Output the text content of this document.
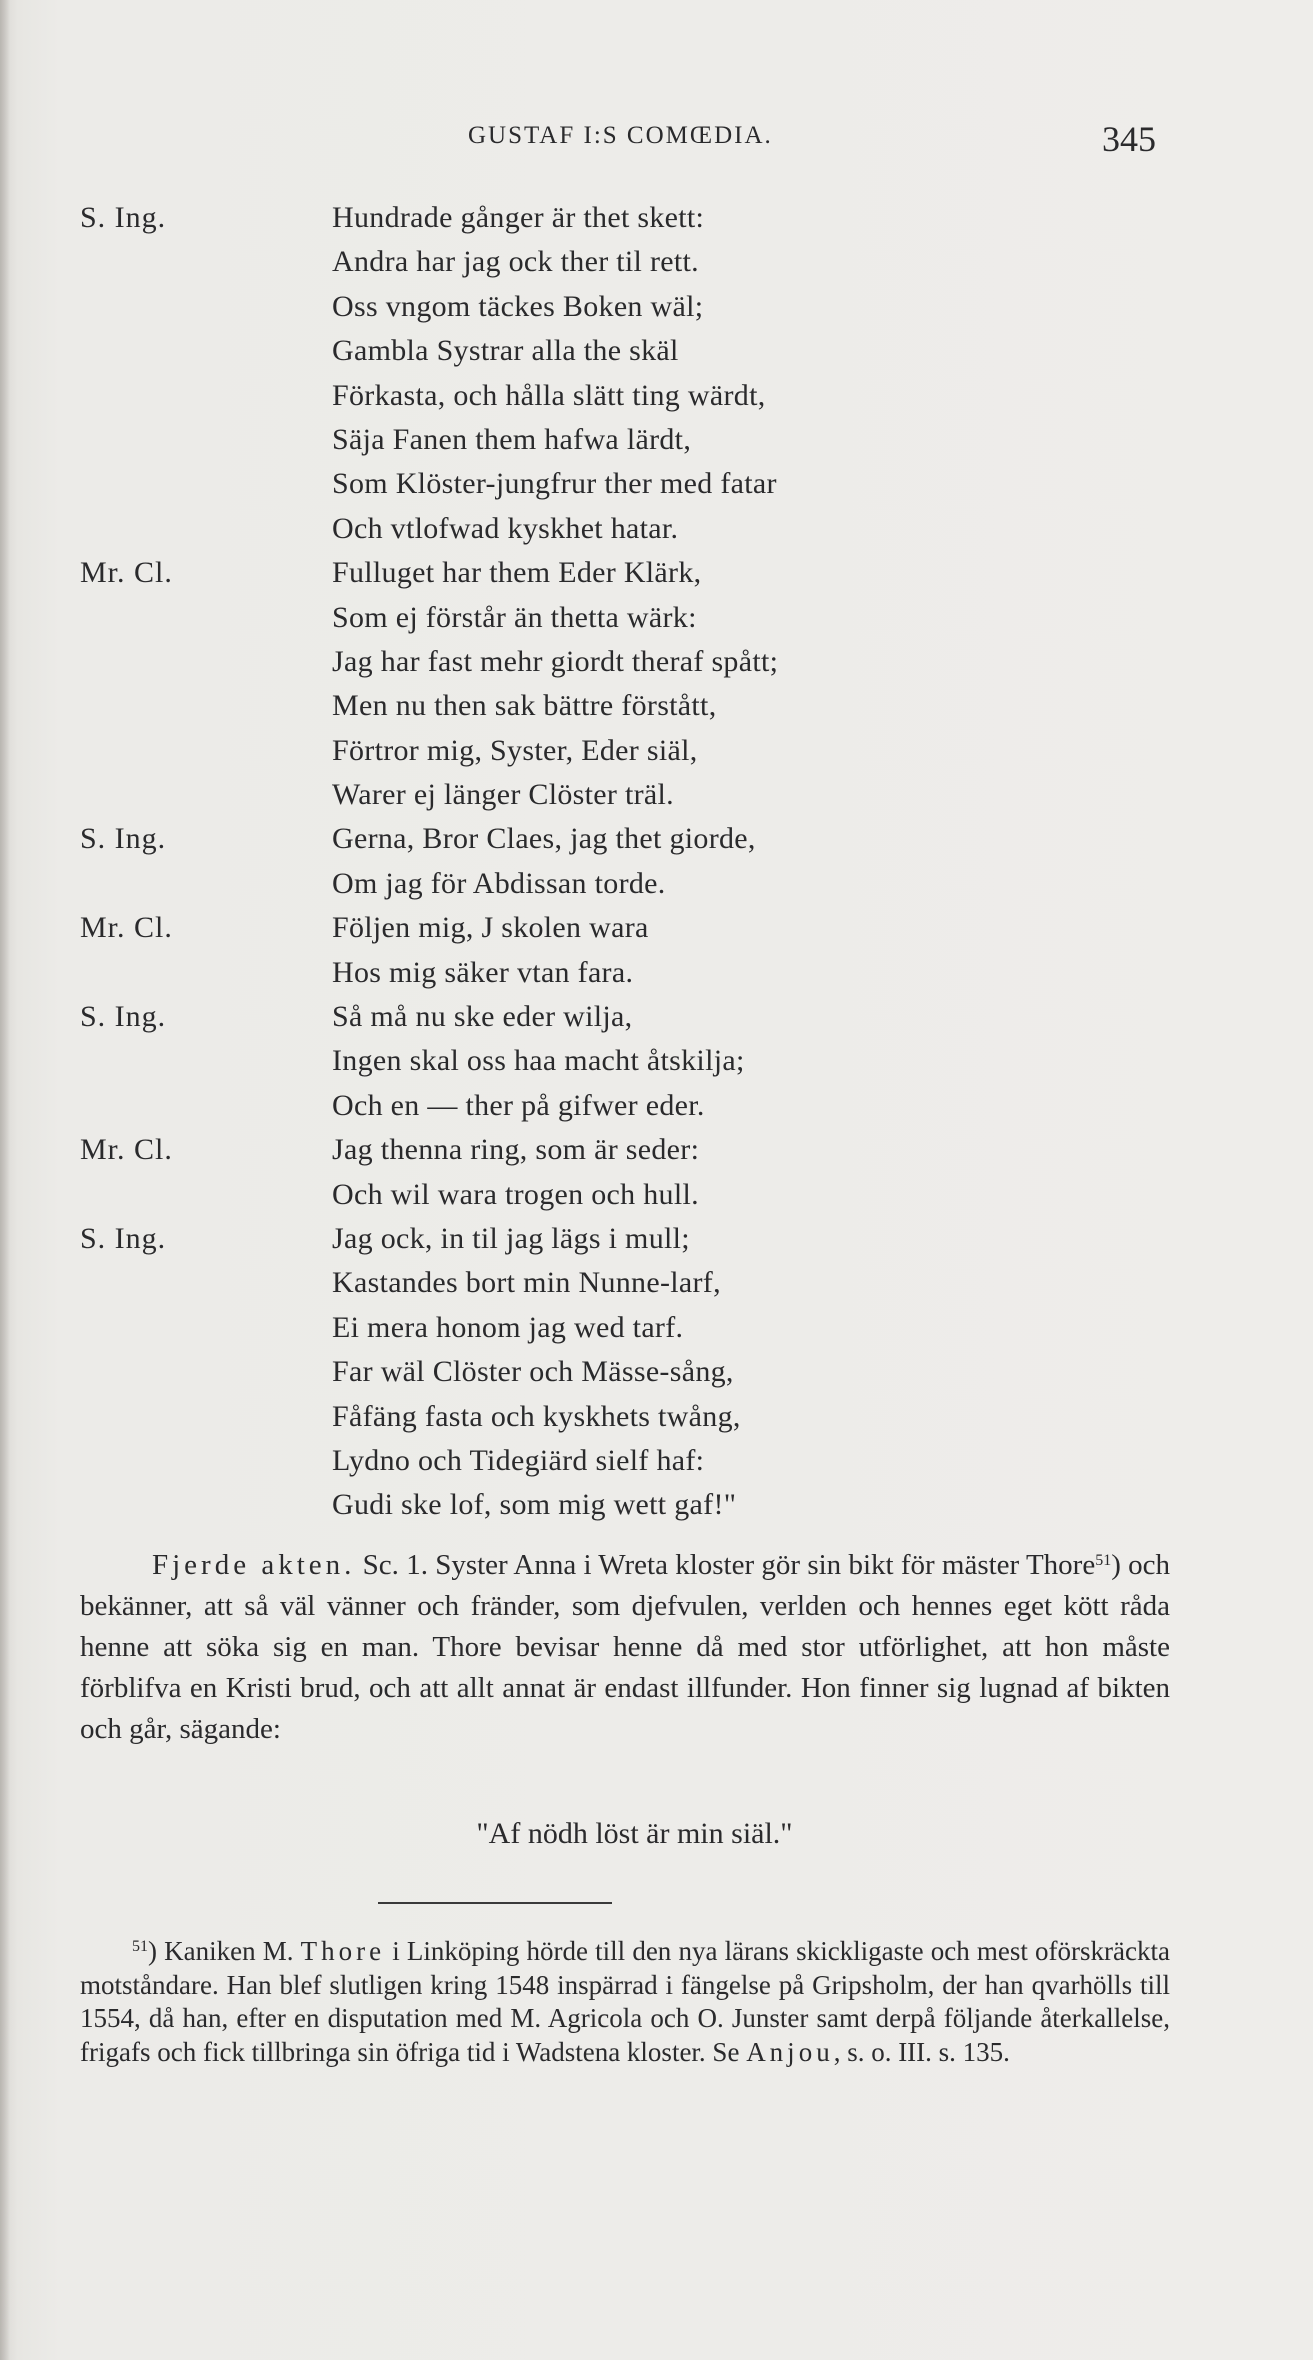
GUSTAF I:S COMŒDIA.	345
S. Ing.	Hundrade gånger är thet skett:
Andra har jag ock ther til rett.
Oss vngom täckes Boken wäl;
Gambla Systrar alla the skäl
Förkasta, och hålla slätt ting wärdt,
Säja Fanen them hafwa lärdt,
Som Klöster-jungfrur ther med fatar
Och vtlofwad kyskhet hatar.
Mr. Cl.	Fulluget har them Eder Klärk,
Som ej förstår än thetta wärk:
Jag har fast mehr giordt theraf spått;
Men nu then sak bättre förstått,
Förtror mig, Syster, Eder siäl,
Warer ej länger Clöster träl.
S. Ing.	Gerna, Bror Claes, jag thet giorde,
Om jag för Abdissan torde.
Mr. Cl.	Följen mig, J skolen wara
Hos mig säker vtan fara.
S. Ing.	Så må nu ske eder wilja,
Ingen skal oss haa macht åtskilja;
Och en — ther på gifwer eder.
Mr. Cl.	Jag thenna ring, som är seder:
Och wil wara trogen och hull.
S. Ing.	Jag ock, in til jag lägs i mull;
Kastandes bort min Nunne-larf,
Ei mera honom jag wed tarf.
Far wäl Clöster och Mässe-sång,
Fåfäng fasta och kyskhets twång,
Lydno och Tidegiärd sielf haf:
Gudi ske lof, som mig wett gaf!"
Fjerde akten. Sc. 1. Syster Anna i Wreta kloster gör sin bikt för mäster Thore$^{51}$) och bekänner, att så väl vänner och fränder, som djefvulen, verlden och hennes eget kött råda henne att söka sig en man. Thore bevisar henne då med stor utförlighet, att hon måste förblifva en Kristi brud, och att allt annat är endast illfunder. Hon finner sig lugnad af bikten och går, sägande:
"Af nödh löst är min siäl."
$^{51}$) Kaniken M. Thore i Linköping hörde till den nya lärans skickligaste och mest oförskräckta motståndare. Han blef slutligen kring 1548 inspärrad i fängelse på Gripsholm, der han qvarhölls till 1554, då han, efter en disputation med M. Agricola och O. Junster samt derpå följande återkallelse, frigafs och fick tillbringa sin öfriga tid i Wadstena kloster. Se Anjou, s. o. III. s. 135.
